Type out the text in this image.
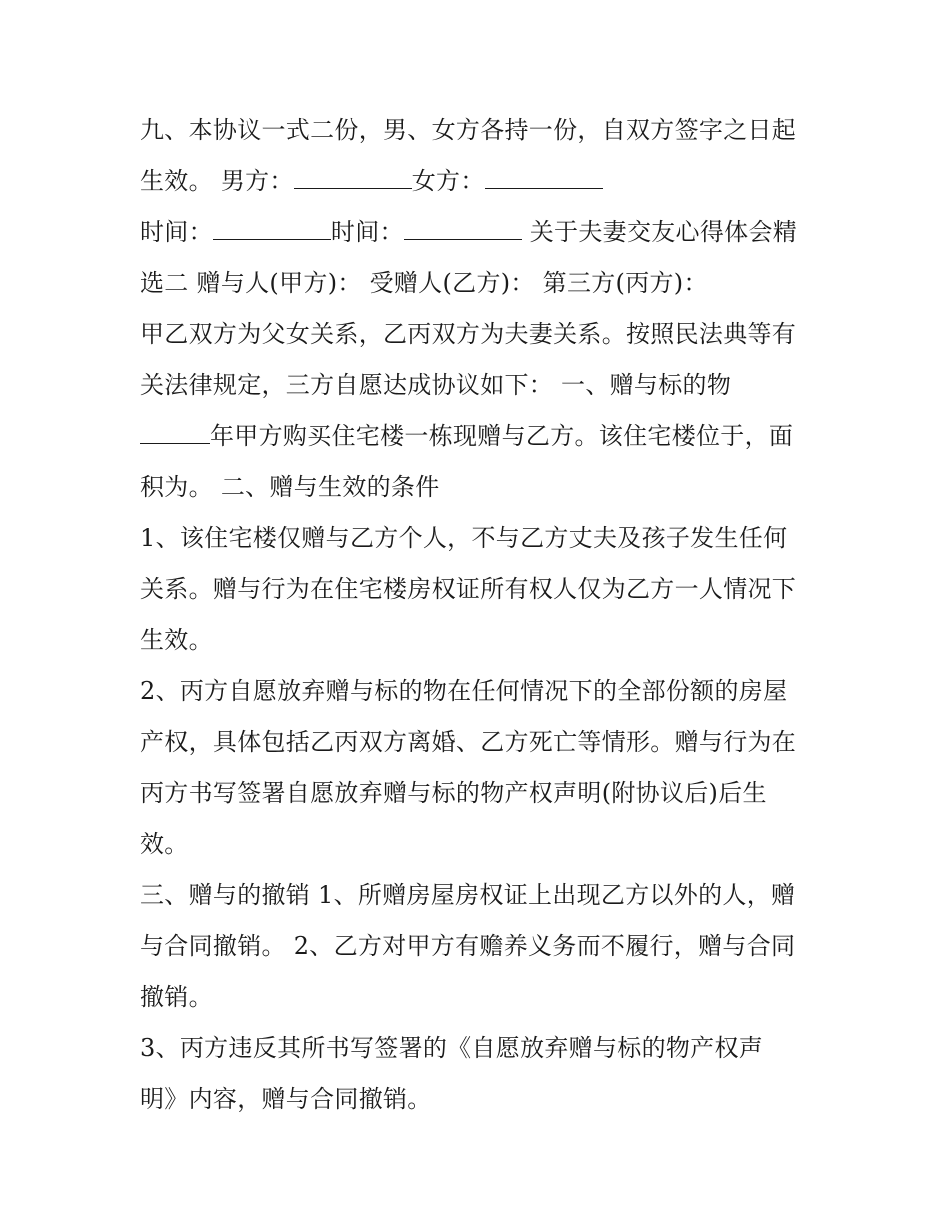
九、本协议一式二份，男、女方各持一份，自双方签字之日起
生效。 男方：	女方：
时间：	时间：	关于夫妻交友心得体会精
选二 赠与人(甲方)： 受赠人(乙方)： 第三方(丙方)：
甲乙双方为父女关系，乙丙双方为夫妻关系。按照民法典等有
关法律规定，三方自愿达成协议如下： 一、赠与标的物
年甲方购买住宅楼一栋现赠与乙方。该住宅楼位于，面
积为。 二、赠与生效的条件
1、该住宅楼仅赠与乙方个人，不与乙方丈夫及孩子发生任何
关系。赠与行为在住宅楼房权证所有权人仅为乙方一人情况下
生效。
2、丙方自愿放弃赠与标的物在任何情况下的全部份额的房屋
产权，具体包括乙丙双方离婚、乙方死亡等情形。赠与行为在
丙方书写签署自愿放弃赠与标的物产权声明(附协议后)后生
效。
三、赠与的撤销 1、所赠房屋房权证上出现乙方以外的人，赠
与合同撤销。 2、乙方对甲方有赡养义务而不履行，赠与合同
撤销。
3、丙方违反其所书写签署的《自愿放弃赠与标的物产权声
明》内容，赠与合同撤销。
